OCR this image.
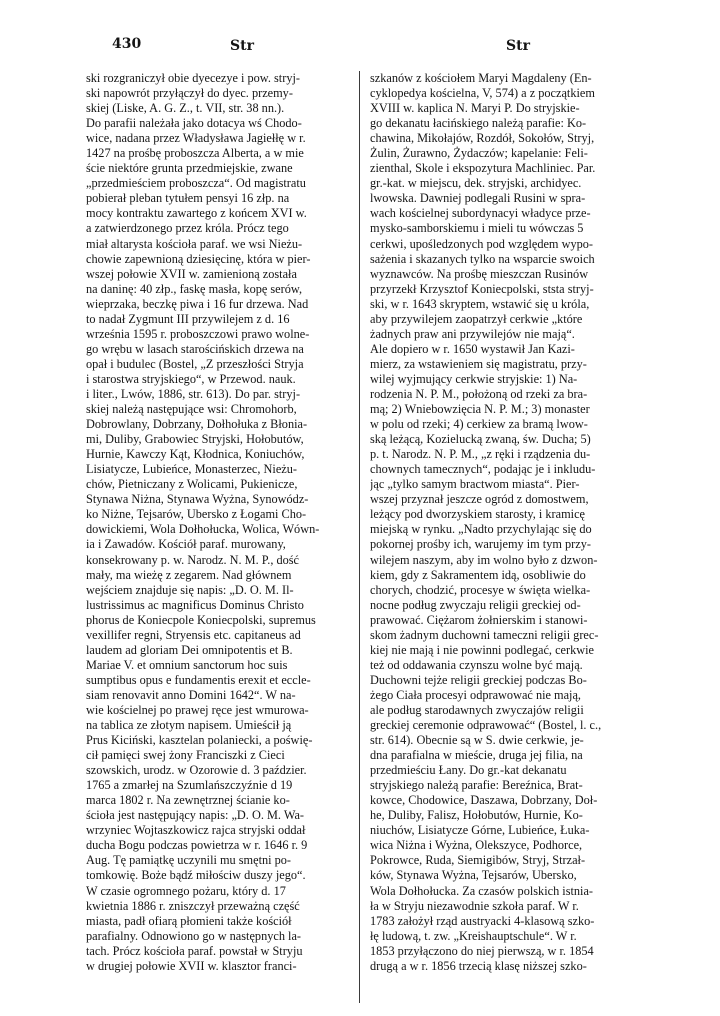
430	Str	Str
ski rozgraniczył obie dyecezye i pow. stryj-
ski napowrót przyłączył do dyec. przemy-
skiej (Liske, A. G. Z., t. VII, str. 38 nn.).
Do parafii należała jako dotacya wś Chodo-
wice, nadana przez Władysława Jagiełłę w r.
1427 na prośbę proboszcza Alberta, a w mie
ście niektóre grunta przedmiejskie, zwane
„przedmieściem proboszcza“. Od magistratu
pobierał pleban tytułem pensyi 16 złp. na
mocy kontraktu zawartego z końcem XVI w.
a zatwierdzonego przez króla. Prócz tego
miał altarysta kościoła paraf. we wsi Nieżu-
chowie zapewnioną dziesięcinę, która w pier-
wszej połowie XVII w. zamienioną została
na daninę: 40 złp., faskę masła, kopę serów,
wieprzaka, beczkę piwa i 16 fur drzewa. Nad
to nadał Zygmunt III przywilejem z d. 16
września 1595 r. proboszczowi prawo wolne-
go wrębu w lasach starościńskich drzewa na
opał i budulec (Bostel, „Z przeszłości Stryja
i starostwa stryjskiego“, w Przewod. nauk.
i liter., Lwów, 1886, str. 613). Do par. stryj-
skiej należą następujące wsi: Chromohorb,
Dobrowlany, Dobrzany, Dołhołuka z Błonia-
mi, Duliby, Grabowiec Stryjski, Hołobutów,
Hurnie, Kawczy Kąt, Kłodnica, Koniuchów,
Lisiatycze, Lubieńce, Monasterzec, Nieżu-
chów, Pietniczany z Wolicami, Pukienicze,
Stynawa Niżna, Stynawa Wyżna, Synowódz-
ko Niżne, Tejsarów, Ubersko z Łogami Cho-
dowickiemi, Wola Dołhołucka, Wolica, Wówn-
ia i Zawadów. Kościół paraf. murowany,
konsekrowany p. w. Narodz. N. M. P., dość
mały, ma wieżę z zegarem. Nad głównem
wejściem znajduje się napis: „D. O. M. Il-
lustrissimus ac magnificus Dominus Christo
phorus de Koniecpole Koniecpolski, supremus
vexillifer regni, Stryensis etc. capitaneus ad
laudem ad gloriam Dei omnipotentis et B.
Mariae V. et omnium sanctorum hoc suis
sumptibus opus e fundamentis erexit et eccle-
siam renovavit anno Domini 1642“. W na-
wie kościelnej po prawej ręce jest wmurowa-
na tablica ze złotym napisem. Umieścił ją
Prus Kiciński, kasztelan polaniecki, a poświę-
cił pamięci swej żony Franciszki z Cieci
szowskich, urodz. w Ozorowie d. 3 paździer.
1765 a zmarłej na Szumlańszczyźnie d 19
marca 1802 r. Na zewnętrznej ścianie ko-
ścioła jest następujący napis: „D. O. M. Wa-
wrzyniec Wojtaszkowicz rajca stryjski oddał
ducha Bogu podczas powietrza w r. 1646 r. 9
Aug. Tę pamiątkę uczynili mu smętni po-
tomkowię. Boże bądź miłościw duszy jego“.
W czasie ogromnego pożaru, który d. 17
kwietnia 1886 r. zniszczył przeważną część
miasta, padł ofiarą płomieni także kościół
parafialny. Odnowiono go w następnych la-
tach. Prócz kościoła paraf. powstał w Stryju
w drugiej połowie XVII w. klasztor franci-
szkanów z kościołem Maryi Magdaleny (En-
cyklopedya kościelna, V, 574) a z początkiem
XVIII w. kaplica N. Maryi P. Do stryjskie-
go dekanatu łacińskiego należą parafie: Ko-
chawina, Mikołajów, Rozdół, Sokołów, Stryj,
Żulin, Żurawno, Żydaczów; kapelanie: Feli-
zienthal, Skole i ekspozytura Machliniec. Par.
gr.-kat. w miejscu, dek. stryjski, archidyec.
lwowska. Dawniej podlegali Rusini w spra-
wach kościelnej subordynacyi władyce prze-
mysko-samborskiemu i mieli tu wówczas 5
cerkwi, upośledzonych pod względem wypo-
sażenia i skazanych tylko na wsparcie swoich
wyznawców. Na prośbę mieszczan Rusinów
przyrzekł Krzysztof Koniecpolski, ststa stryj-
ski, w r. 1643 skryptem, wstawić się u króla,
aby przywilejem zaopatrzył cerkwie „które
żadnych praw ani przywilejów nie mają“.
Ale dopiero w r. 1650 wystawił Jan Kazi-
mierz, za wstawieniem się magistratu, przy-
wilej wyjmujący cerkwie stryjskie: 1) Na-
rodzenia N. P. M., położoną od rzeki za bra-
mą; 2) Wniebowzięcia N. P. M.; 3) monaster
w polu od rzeki; 4) cerkiew za bramą lwow-
ską leżącą, Kozielucką zwaną, św. Ducha; 5)
p. t. Narodz. N. P. M., „z ręki i rządzenia du-
chownych tamecznych“, podając je i inkludu-
jąc „tylko samym bractwom miasta“. Pier-
wszej przyznał jeszcze ogród z domostwem,
leżący pod dworzyskiem starosty, i kramicę
miejską w rynku. „Nadto przychylając się do
pokornej prośby ich, warujemy im tym przy-
wilejem naszym, aby im wolno było z dzwon-
kiem, gdy z Sakramentem idą, osobliwie do
chorych, chodzić, procesye w święta wielka-
nocne podług zwyczaju religii greckiej od-
prawować. Ciężarom żołnierskim i stanowi-
skom żadnym duchowni tameczni religii grec-
kiej nie mają i nie powinni podlegać, cerkwie
też od oddawania czynszu wolne być mają.
Duchowni tejże religii greckiej podczas Bo-
żego Ciała procesyi odprawować nie mają,
ale podług starodawnych zwyczajów religii
greckiej ceremonie odprawować“ (Bostel, l. c.,
str. 614). Obecnie są w S. dwie cerkwie, je-
dna parafialna w mieście, druga jej filia, na
przedmieściu Łany. Do gr.-kat dekanatu
stryjskiego należą parafie: Bereźnica, Brat-
kowce, Chodowice, Daszawa, Dobrzany, Doł-
he, Duliby, Falisz, Hołobutów, Hurnie, Ko-
niuchów, Lisiatycze Górne, Lubieńce, Łuka-
wica Niżna i Wyżna, Olekszyce, Podhorce,
Pokrowce, Ruda, Siemigibów, Stryj, Strzał-
ków, Stynawa Wyżna, Tejsarów, Ubersko,
Wola Dołhołucka. Za czasów polskich istnia-
ła w Stryju niezawodnie szkoła paraf. W r.
1783 założył rząd austryacki 4-klasową szko-
łę ludową, t. zw. „Kreishauptschule“. W r.
1853 przyłączono do niej pierwszą, w r. 1854
drugą a w r. 1856 trzecią klasę niższej szko-
